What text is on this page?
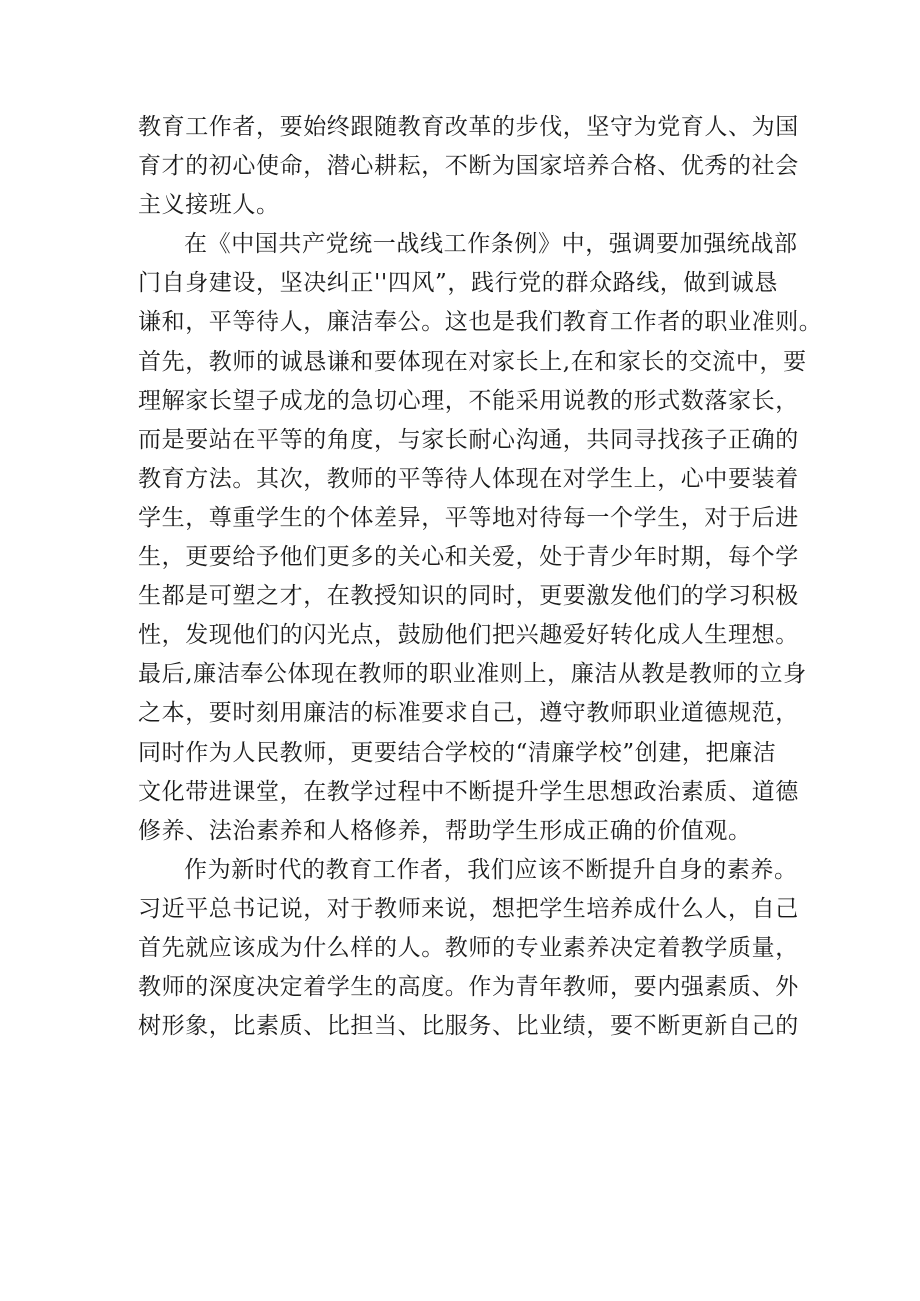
教育工作者，要始终跟随教育改革的步伐，坚守为党育人、为国
育才的初心使命，潜心耕耘，不断为国家培养合格、优秀的社会
主义接班人。
在《中国共产党统一战线工作条例》中，强调要加强统战部
门自身建设，坚决纠正''四风”，践行党的群众路线，做到诚恳
谦和，平等待人，廉洁奉公。这也是我们教育工作者的职业准则。
首先，教师的诚恳谦和要体现在对家长上,在和家长的交流中，要
理解家长望子成龙的急切心理，不能采用说教的形式数落家长，
而是要站在平等的角度，与家长耐心沟通，共同寻找孩子正确的
教育方法。其次，教师的平等待人体现在对学生上，心中要装着
学生，尊重学生的个体差异，平等地对待每一个学生，对于后进
生，更要给予他们更多的关心和关爱，处于青少年时期，每个学
生都是可塑之才，在教授知识的同时，更要激发他们的学习积极
性，发现他们的闪光点，鼓励他们把兴趣爱好转化成人生理想。
最后,廉洁奉公体现在教师的职业准则上，廉洁从教是教师的立身
之本，要时刻用廉洁的标准要求自己，遵守教师职业道德规范，
同时作为人民教师，更要结合学校的“清廉学校”创建，把廉洁
文化带进课堂，在教学过程中不断提升学生思想政治素质、道德
修养、法治素养和人格修养，帮助学生形成正确的价值观。
作为新时代的教育工作者，我们应该不断提升自身的素养。
习近平总书记说，对于教师来说，想把学生培养成什么人，自己
首先就应该成为什么样的人。教师的专业素养决定着教学质量，
教师的深度决定着学生的高度。作为青年教师，要内强素质、外
树形象，比素质、比担当、比服务、比业绩，要不断更新自己的
